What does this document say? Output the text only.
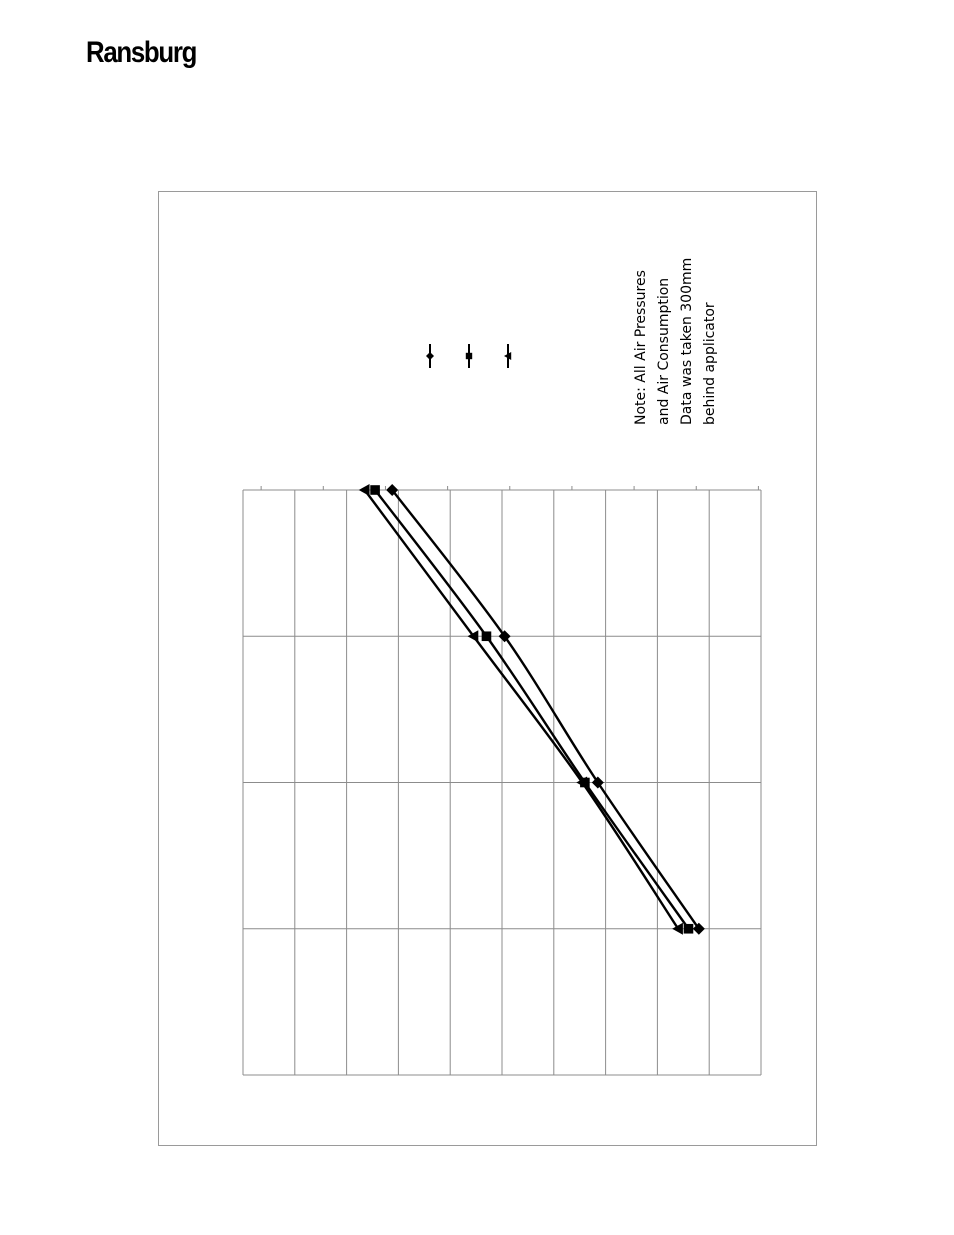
Ransburg
Note: All Air Pressures and Air Consumption Data was taken 300mm behind applicator
